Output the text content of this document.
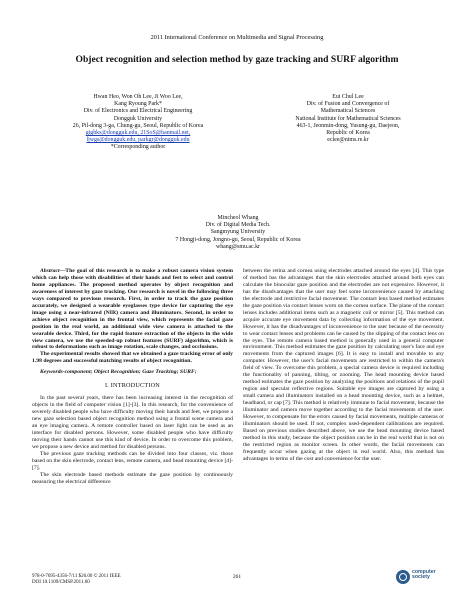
2011 International Conference on Multimedia and Signal Processing
Object recognition and selection method by gaze tracking and SURF algorithm
Hwan Heo, Won Oh Lee, Ji Woo Lee,
Kang Ryoung Park*
Div. of Electronics and Electrical Engineering
Dongguk University
26, Pil-dong 3-ga, Chung-gu, Seoul, Republic of Korea
gighks@dongguk.edu, 21SoS@hanmail.net,
ljwgs@dongguk.edu, parkgr@dongguk.edu
*Corresponding author
Eui Chul Lee
Div. of Fusion and Convergence of
Mathematical Sciences
National Institute for Mathematical Sciences
463-1, Jeonmin-dong, Yusung-gu, Daejeon,
Republic of Korea
eclee@nims.re.kr
Mincheol Whang
Div. of Digital Media Tech.
Sangmyung University
7 Hongji-dong, Jongno-gu, Seoul, Republic of Korea
whang@smu.ac.kr

Abstract—The goal of this research is to make a robust camera vision system which can help those with disabilities of their hands and feet to select and control home appliances. The proposed method operates by object recognition and awareness of interest by gaze tracking. Our research is novel in the following three ways compared to previous research. First, in order to track the gaze position accurately, we designed a wearable eyeglasses type device for capturing the eye image using a near-infrared (NIR) camera and illuminators. Second, in order to achieve object recognition in the frontal view, which represents the facial gaze position in the real world, an additional wide view camera is attached to the wearable device. Third, for the rapid feature extraction of the objects in the wide view camera, we use the speeded-up robust features (SURF) algorithm, which is robust to deformations such as image rotation, scale changes, and occlusions.

The experimental results showed that we obtained a gaze tracking error of only 1.98 degrees and successful matching results of object recognition.

Keywords-component; Object Recognition; Gaze Tracking; SURF;

I. INTRODUCTION

In the past several years, there has been increasing interest in the recognition of objects in the field of computer vision [1]-[3]. In this research, for the convenience of severely disabled people who have difficulty moving their hands and feet, we propose a new gaze selection based object recognition method using a frontal scene camera and an eye imaging camera. A remote controller based on laser light can be used as an interface for disabled persons. However, some disabled people who have difficulty moving their hands cannot use this kind of device. In order to overcome this problem, we propose a new device and method for disabled persons.

The previous gaze tracking methods can be divided into four classes, viz. those based on the skin electrode, contact lens, remote camera, and head mounting device [4]-[7].

The skin electrode based methods estimate the gaze position by continuously measuring the electrical difference

between the retina and cornea using electrodes attached around the eyes [4]. This type of method has the advantages that the skin electrodes attached around both eyes can calculate the binocular gaze position and the electrodes are not expensive. However, it has the disadvantages that the user may feel some inconvenience caused by attaching the electrode and restrictive facial movement. The contact lens based method estimates the gaze position via contact lenses worn on the cornea surface. The plane of the contact lenses includes additional items such as a magnetic coil or mirror [5]. This method can acquire accurate eye movement data by collecting information of the eye movement. However, it has the disadvantages of inconvenience to the user because of the necessity to wear contact lenses and problems can be caused by the slipping of the contact lens on the eyes. The remote camera based method is generally used in a general computer environment. This method estimates the gaze position by calculating user's face and eye movements from the captured images [6]. It is easy to install and movable to any computer. However, the user's facial movements are restricted to within the camera's field of view. To overcome this problem, a special camera device is required including the functionality of panning, tilting, or zooming. The head mounting device based method estimates the gaze position by analyzing the positions and relations of the pupil region and specular reflective regions. Suitable eye images are captured by using a small camera and illuminators installed on a head mounting device, such as a helmet, headband, or cap [7]. This method is relatively immune to facial movement, because the illuminator and camera move together according to the facial movements of the user. However, to compensate for the errors caused by facial movements, multiple cameras or illuminators should be used. If not, complex used-dependent calibrations are required. Based on previous studies described above, we use the head mounting device based method in this study, because the object position can be in the real world that is not on the restricted region as monitor screen. In other words, the facial movements can frequently occur when gazing at the object in real world. Also, this method has advantages in terms of the cost and convenience for the user.

978-0-7695-4356-7/11 $26.00 © 2011 IEEE
DOI 10.1109/CMSP.2011.60
261
computer
society
